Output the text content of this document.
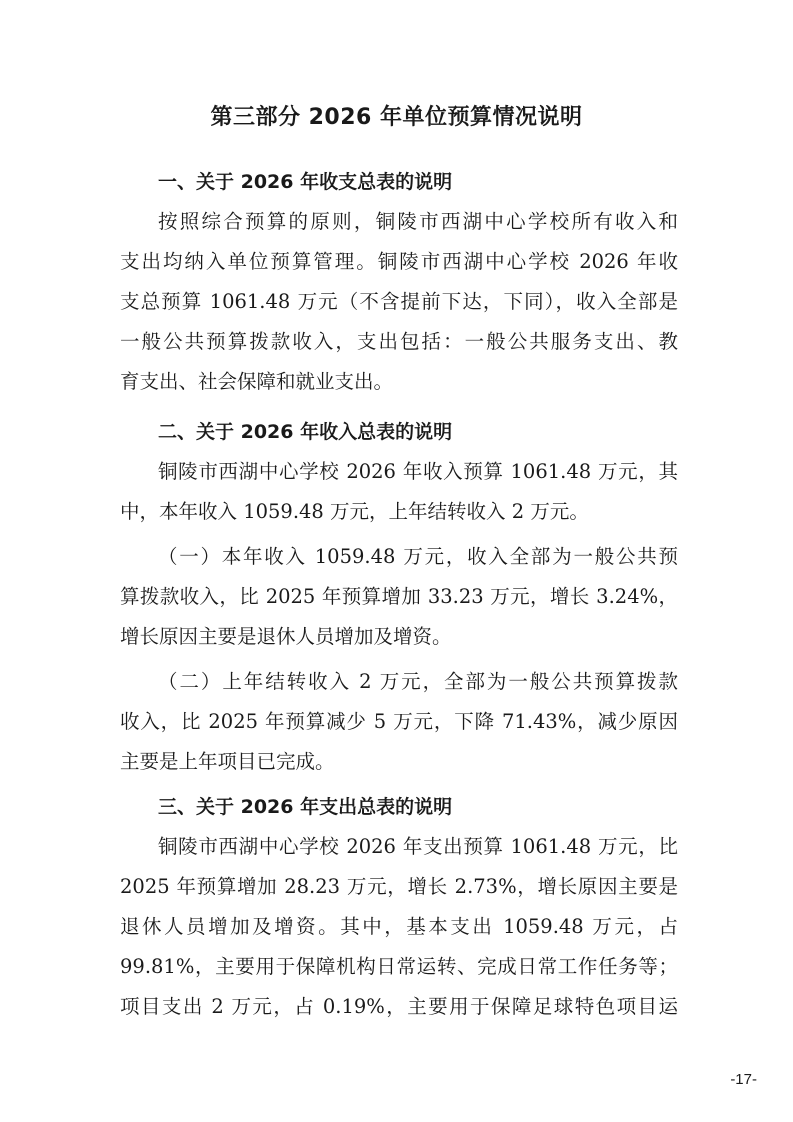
第三部分 2026 年单位预算情况说明

一、关于 2026 年收支总表的说明

按照综合预算的原则，铜陵市西湖中心学校所有收入和

支出均纳入单位预算管理。铜陵市西湖中心学校 2026 年收

支总预算 1061.48 万元（不含提前下达，下同），收入全部是

一般公共预算拨款收入，支出包括：一般公共服务支出、教

育支出、社会保障和就业支出。

二、关于 2026 年收入总表的说明

铜陵市西湖中心学校 2026 年收入预算 1061.48 万元，其

中，本年收入 1059.48 万元，上年结转收入 2 万元。

（一）本年收入 1059.48 万元，收入全部为一般公共预

算拨款收入，比 2025 年预算增加 33.23 万元，增长 3.24%，

增长原因主要是退休人员增加及增资。

（二）上年结转收入 2 万元，全部为一般公共预算拨款

收入，比 2025 年预算减少 5 万元，下降 71.43%，减少原因

主要是上年项目已完成。

三、关于 2026 年支出总表的说明

铜陵市西湖中心学校 2026 年支出预算 1061.48 万元，比

2025 年预算增加 28.23 万元，增长 2.73%，增长原因主要是

退休人员增加及增资。其中，基本支出 1059.48 万元，占

99.81%，主要用于保障机构日常运转、完成日常工作任务等；

项目支出 2 万元，占 0.19%，主要用于保障足球特色项目运

-17-
